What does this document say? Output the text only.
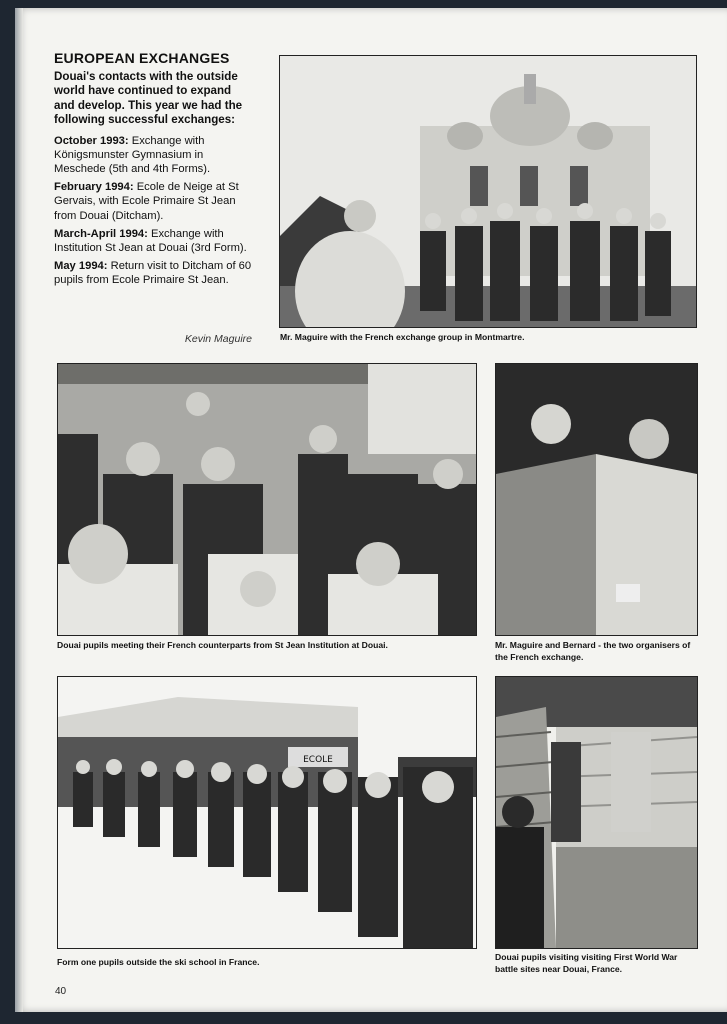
EUROPEAN EXCHANGES
Douai's contacts with the outside world have continued to expand and develop. This year we had the following successful exchanges:
October 1993: Exchange with Königsmunster Gymnasium in Meschede (5th and 4th Forms).
February 1994: Ecole de Neige at St Gervais, with Ecole Primaire St Jean from Douai (Ditcham).
March-April 1994: Exchange with Institution St Jean at Douai (3rd Form).
May 1994: Return visit to Ditcham of 60 pupils from Ecole Primaire St Jean.
Kevin Maguire	Mr. Maguire with the French exchange group in Montmartre.
Douai pupils meeting their French counterparts from St Jean Institution at Douai.	Mr. Maguire and Bernard - the two organisers of the French exchange.
ECOLE
Form one pupils outside the ski school in France.	Douai pupils visiting visiting First World War battle sites near Douai, France.
40
